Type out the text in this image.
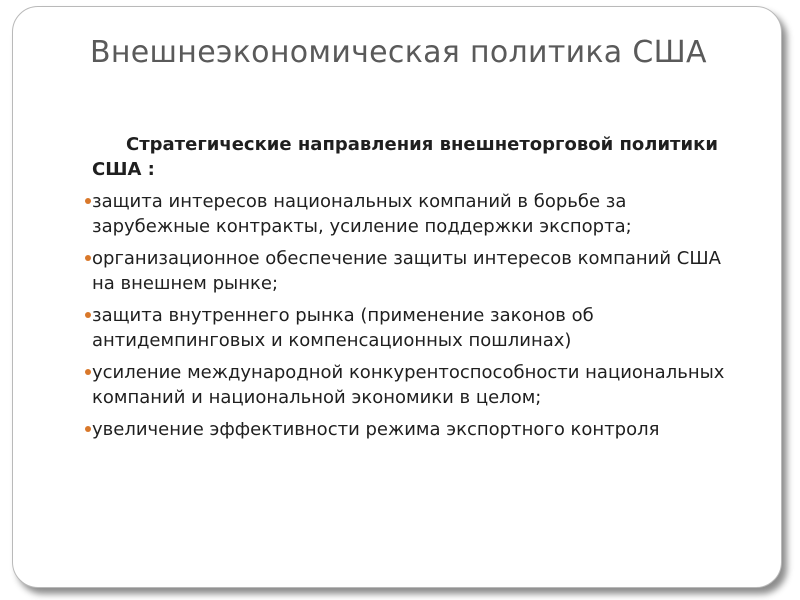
Внешнеэкономическая политика США

Стратегические направления внешнеторговой политики США :

защита интересов национальных компаний в борьбе за зарубежные контракты, усиление поддержки экспорта;
организационное обеспечение защиты интересов компаний США на внешнем рынке;
защита внутреннего рынка (применение законов об антидемпинговых и компенсационных пошлинах)
усиление международной конкурентоспособности национальных компаний и национальной экономики в целом;
увеличение эффективности режима экспортного контроля
